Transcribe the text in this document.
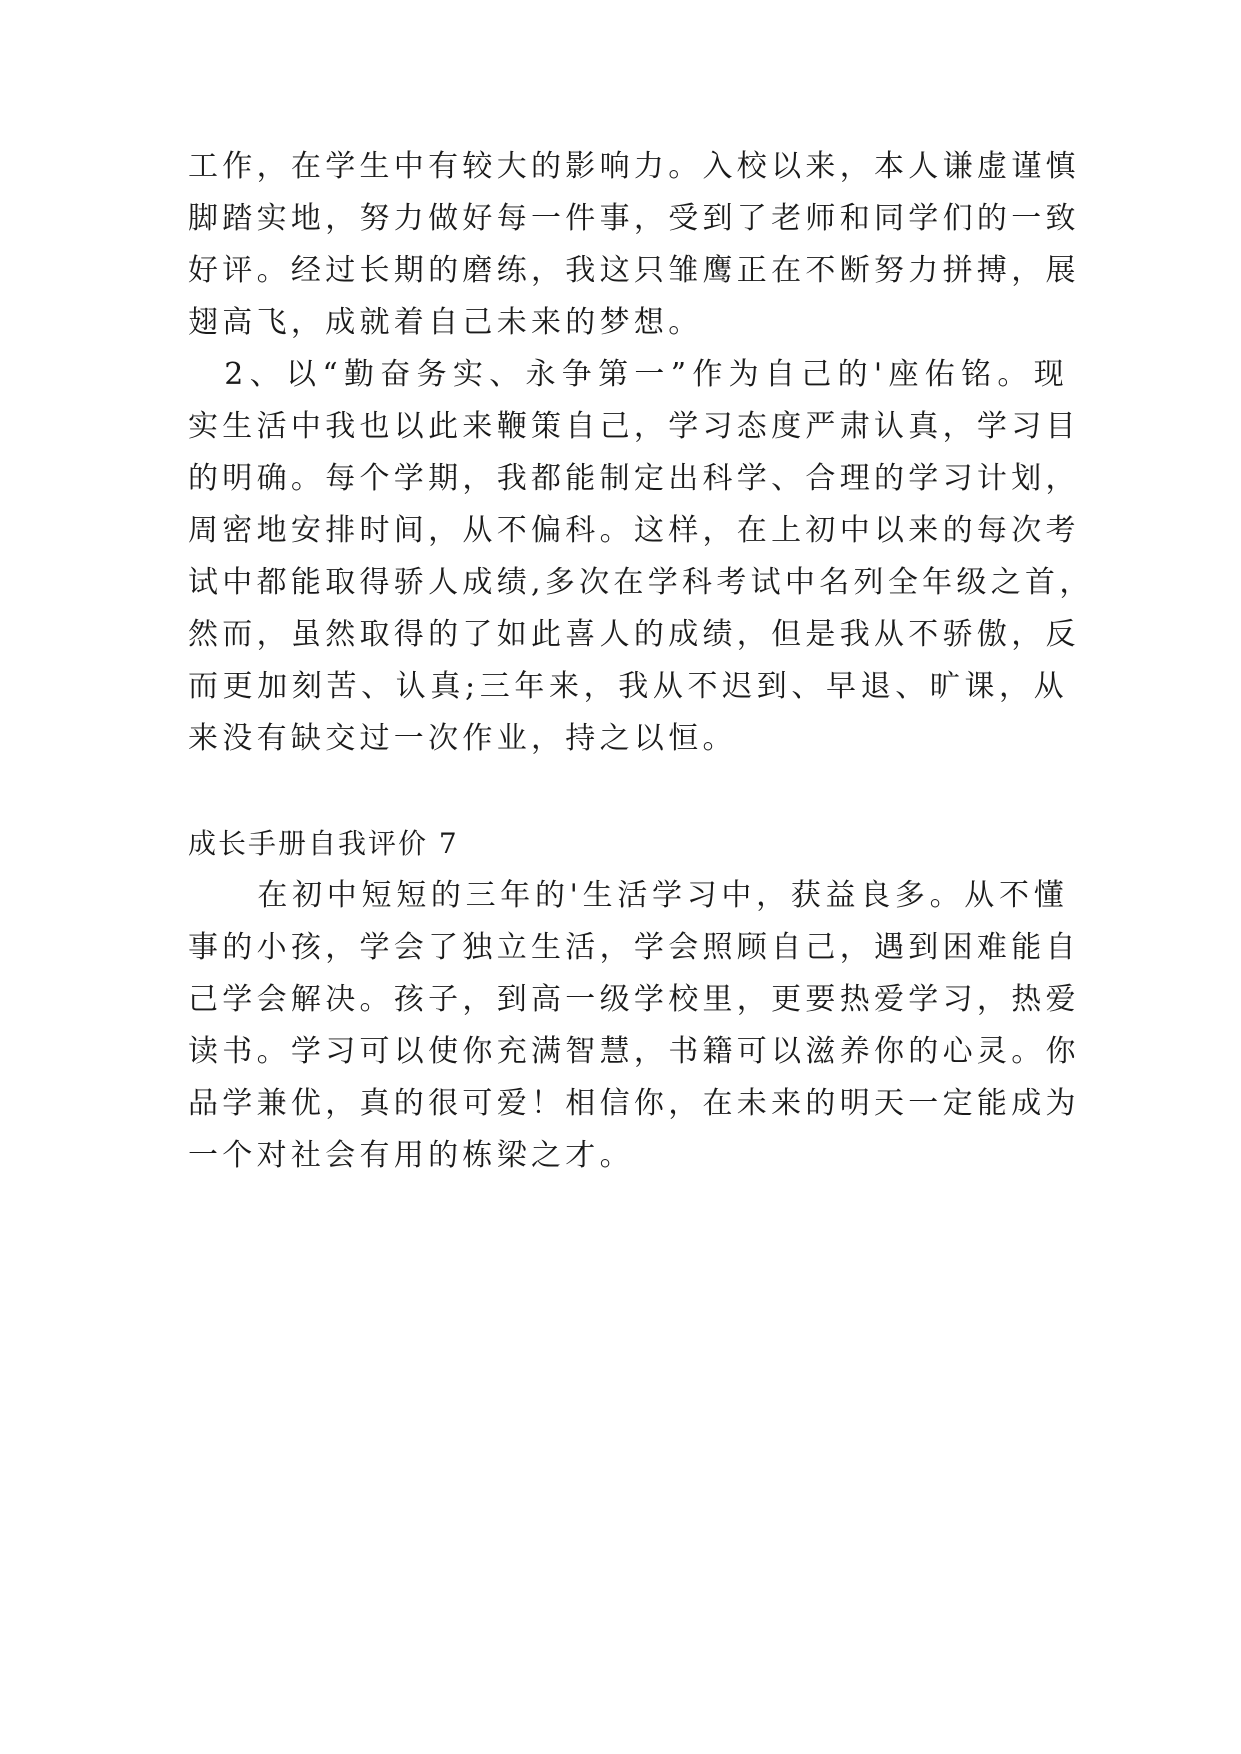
工作，在学生中有较大的影响力。入校以来，本人谦虚谨慎
脚踏实地，努力做好每一件事，受到了老师和同学们的一致
好评。经过长期的磨练，我这只雏鹰正在不断努力拼搏，展
翅高飞，成就着自己未来的梦想。
　2、以“勤奋务实、永争第一”作为自己的'座佑铭。现
实生活中我也以此来鞭策自己，学习态度严肃认真，学习目
的明确。每个学期，我都能制定出科学、合理的学习计划，
周密地安排时间，从不偏科。这样，在上初中以来的每次考
试中都能取得骄人成绩,多次在学科考试中名列全年级之首，
然而，虽然取得的了如此喜人的成绩，但是我从不骄傲，反
而更加刻苦、认真;三年来，我从不迟到、早退、旷课，从
来没有缺交过一次作业，持之以恒。
成长手册自我评价 7
　　在初中短短的三年的'生活学习中，获益良多。从不懂
事的小孩，学会了独立生活，学会照顾自己，遇到困难能自
己学会解决。孩子，到高一级学校里，更要热爱学习，热爱
读书。学习可以使你充满智慧，书籍可以滋养你的心灵。你
品学兼优，真的很可爱！相信你，在未来的明天一定能成为
一个对社会有用的栋梁之才。
